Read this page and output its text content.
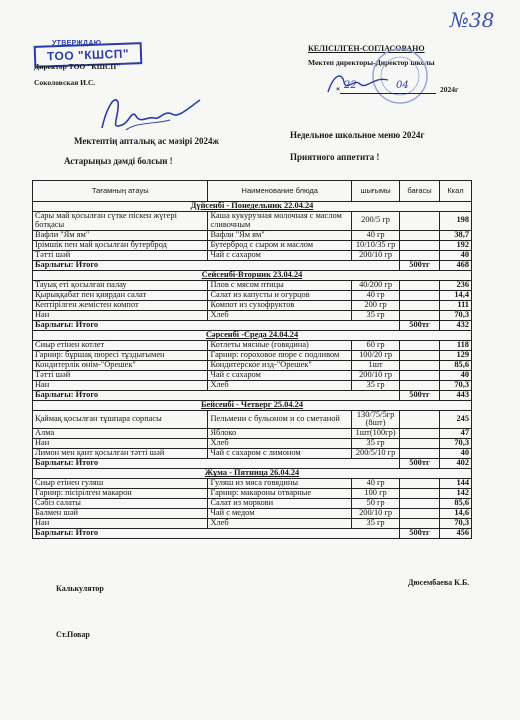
№38
УТВЕРЖДАЮ
ТОО "КШСП"
Директор ТОО "КШСП"
Соколовская И.С.
КЕЛІСІЛГЕН-СОГЛАСОВАНО
Мектеп директоры-Директор школы
« 22	04	2024г
Мектептің апталық ас мәзірі 2024ж
Недельное школьное меню 2024г
Астарыңыз дәмді болсын !	Приятного аппетита !
Тағамның атауы	Наименование блюда	шығымы	бағасы	Ккал
Дүйсенбі - Понедельник 22.04.24				
Сары май қосылған сүтке піскен жүгері ботқасы	Каша кукурузная молочная с маслом сливочным	200/5 гр		198
Вафли "Ям ям"	Вафли "Ям ям"	40 гр		38,7
Ірімшік пен май қосылған бутерброд	Бутерброд с сыром и маслом	10/10/35 гр		192
Тәтті шәй	Чай с сахаром	200/10 гр		40
Барлығы: Итого			500тг	468
Сейсенбі-Вторник 23.04.24				
Тауық еті қосылған палау	Плов с мясом птицы	40/200 гр		236
Қырыққабат пен қиярдан салат	Салат из капусты и огурцов	40 гр		14,4
Кептірілген жемістен компот	Компот из сухофруктов	200 гр		111
Нан	Хлеб	35 гр		70,3
Барлығы: Итого			500тг	432
Сәрсенбі -Среда 24.04.24				
Сиыр етінен котлет	Котлеты мясные (говядина)	60 гр		118
Гарнир: бұршақ пюресі тұздығымен	Гарнир: гороховое пюре с подливом	100/20 гр		129
Кондитерлік өнім-"Орешек"	Кондитерское изд-"Орешек"	1шт		85,6
Тәтті шәй	Чай с сахаром	200/10 гр		40
Нан	Хлеб	35 гр		70,3
Барлығы: Итого			500тг	443
Бейсенбі - Четверг 25.04.24				
Қаймақ қосылған тұшпара сорпасы	Пельмени с бульоном и со сметаной	130/75/5гр (8шт)		245
Алма	Яблоко	1шт(100гр)		47
Нан	Хлеб	35 гр		70,3
Лимон мен қант қосылған тәтті шәй	Чай с сахаром с лимоном	200/5/10 гр		40
Барлығы: Итого			500тг	402
Жұма - Пятница 26.04.24				
Сиыр етінен гуляш	Гуляш из мяса говядины	40 гр		144
Гарнир: пісірілген макарон	Гарнир: макароны отварные	100 гр		142
Сәбіз салаты	Салат из моркови	50 гр		85,6
Балмен шәй	Чай с медом	200/10 гр		14,6
Нан	Хлеб	35 гр		70,3
Барлығы: Итого			500тг	456
Калькулятор
Дюсембаева К.Б.
Ст.Повар
